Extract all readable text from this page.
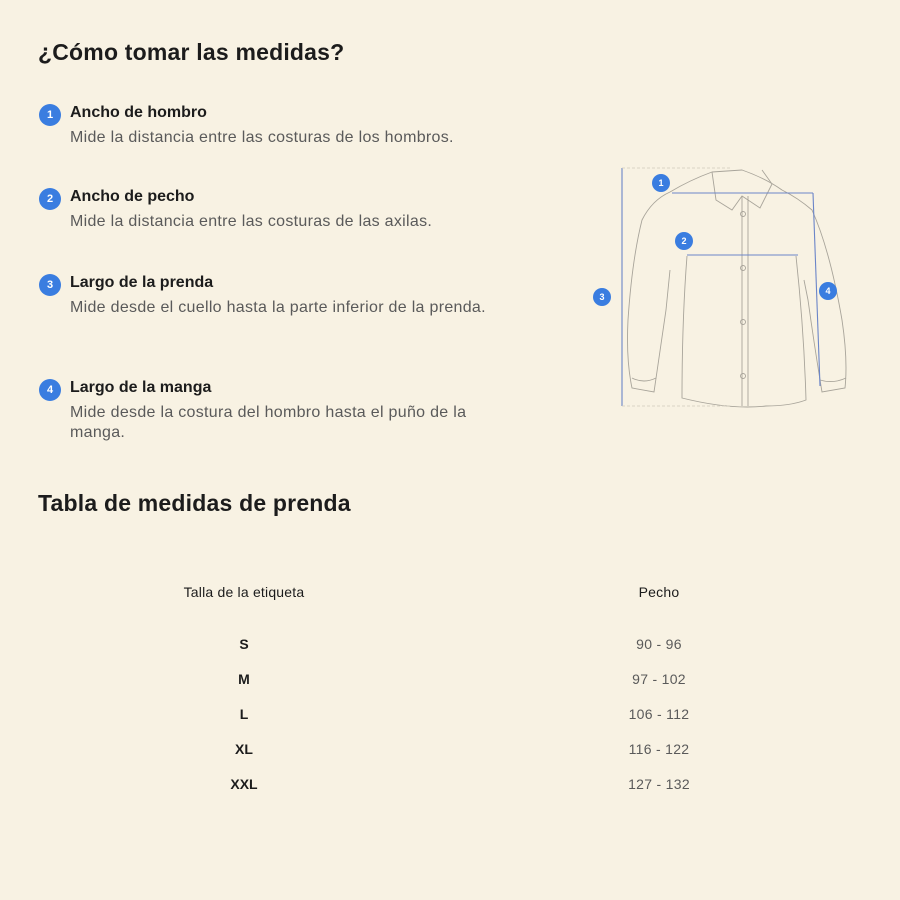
¿Cómo tomar las medidas?
1	Ancho de hombro
Mide la distancia entre las costuras de los hombros.
2	Ancho de pecho
Mide la distancia entre las costuras de las axilas.
3	Largo de la prenda
Mide desde el cuello hasta la parte inferior de la prenda.
4	Largo de la manga
Mide desde la costura del hombro hasta el puño de la manga.
1
2
3
4
Tabla de medidas de prenda
Talla de la etiqueta	Pecho

S	90 - 96
M	97 - 102
L	106 - 112
XL	116 - 122
XXL	127 - 132
